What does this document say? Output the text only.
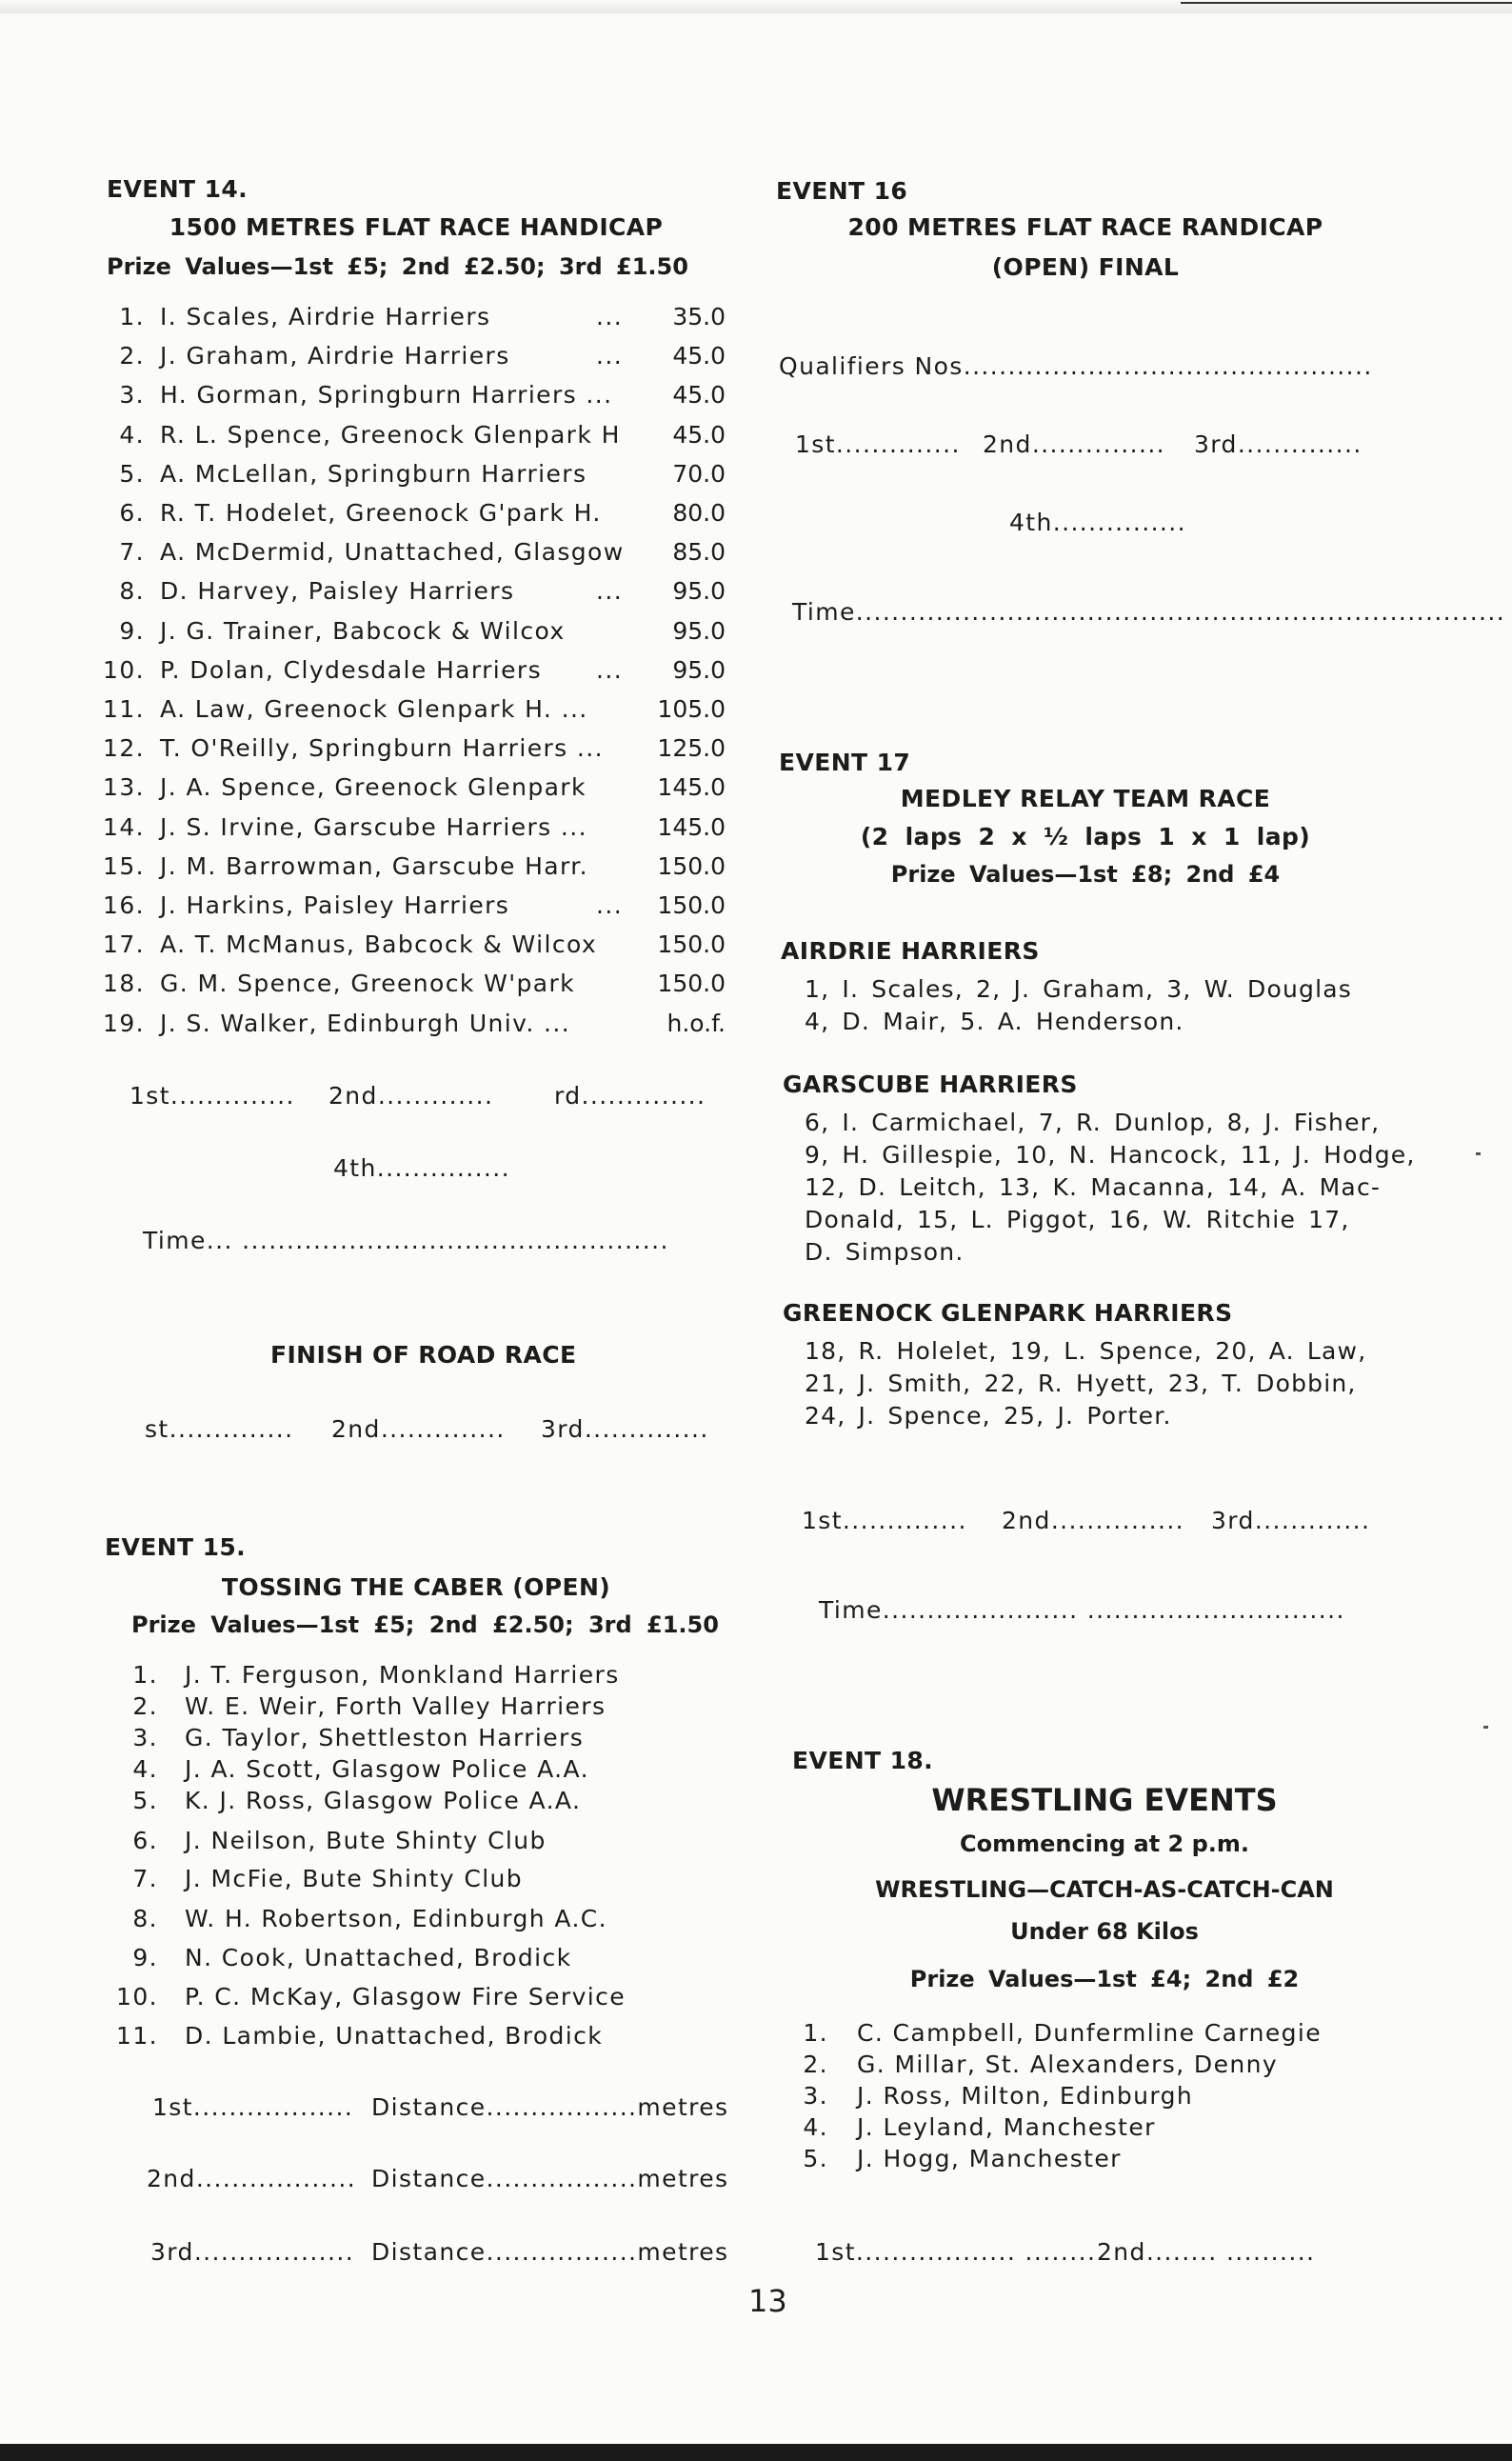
EVENT 14.
1500 METRES FLAT RACE HANDICAP
Prize Values—1st £5; 2nd £2.50; 3rd £1.50
1. I. Scales, Airdrie Harriers	...	35.0
2. J. Graham, Airdrie Harriers	...	45.0
3. H. Gorman, Springburn Harriers ...	45.0
4. R. L. Spence, Greenock Glenpark H	45.0
5. A. McLellan, Springburn Harriers	70.0
6. R. T. Hodelet, Greenock G'park H.	80.0
7. A. McDermid, Unattached, Glasgow	85.0
8. D. Harvey, Paisley Harriers	...	95.0
9. J. G. Trainer, Babcock & Wilcox	95.0
10. P. Dolan, Clydesdale Harriers ...	95.0
11. A. Law, Greenock Glenpark H. ...	105.0
12. T. O'Reilly, Springburn Harriers ...	125.0
13. J. A. Spence, Greenock Glenpark	145.0
14. J. S. Irvine, Garscube Harriers ...	145.0
15. J. M. Barrowman, Garscube Harr.	150.0
16. J. Harkins, Paisley Harriers	...	150.0
17. A. T. McManus, Babcock & Wilcox	150.0
18. G. M. Spence, Greenock W'park	150.0
19. J. S. Walker, Edinburgh Univ. ...	h.o.f.
1st.............. 2nd.............	rd..............
4th...............
Time... ................................................
FINISH OF ROAD RACE
st.............. 2nd.............. 3rd..............
EVENT 15.
TOSSING THE CABER (OPEN)
Prize Values—1st £5; 2nd £2.50; 3rd £1.50
1. J. T. Ferguson, Monkland Harriers
2. W. E. Weir, Forth Valley Harriers
3. G. Taylor, Shettleston Harriers
4. J. A. Scott, Glasgow Police A.A.
5. K. J. Ross, Glasgow Police A.A.
6. J. Neilson, Bute Shinty Club
7. J. McFie, Bute Shinty Club
8. W. H. Robertson, Edinburgh A.C.
9. N. Cook, Unattached, Brodick
10. P. C. McKay, Glasgow Fire Service
11. D. Lambie, Unattached, Brodick
1st.................. Distance.................metres
2nd.................. Distance.................metres
3rd.................. Distance.................metres
EVENT 16
200 METRES FLAT RACE RANDICAP
(OPEN) FINAL
Qualifiers Nos..............................................
1st.............. 2nd............... 3rd..............
4th...............
Time.........................................................................
EVENT 17
MEDLEY RELAY TEAM RACE
(2 laps 2 x ½ laps 1 x 1 lap)
Prize Values—1st £8; 2nd £4
AIRDRIE HARRIERS
1, I. Scales, 2, J. Graham, 3, W. Douglas
4, D. Mair, 5. A. Henderson.
GARSCUBE HARRIERS
6, I. Carmichael, 7, R. Dunlop, 8, J. Fisher,
9, H. Gillespie, 10, N. Hancock, 11, J. Hodge,
12, D. Leitch, 13, K. Macanna, 14, A. Mac-
Donald, 15, L. Piggot, 16, W. Ritchie 17,
D. Simpson.
GREENOCK GLENPARK HARRIERS
18, R. Holelet, 19, L. Spence, 20, A. Law,
21, J. Smith, 22, R. Hyett, 23, T. Dobbin,
24, J. Spence, 25, J. Porter.
1st.............. 2nd............... 3rd.............
Time...................... .............................
EVENT 18.
WRESTLING EVENTS
Commencing at 2 p.m.
WRESTLING—CATCH-AS-CATCH-CAN
Under 68 Kilos
Prize Values—1st £4; 2nd £2
1. C. Campbell, Dunfermline Carnegie
2. G. Millar, St. Alexanders, Denny
3. J. Ross, Milton, Edinburgh
4. J. Leyland, Manchester
5. J. Hogg, Manchester
1st.................. ........ 2nd........ ..........
13
